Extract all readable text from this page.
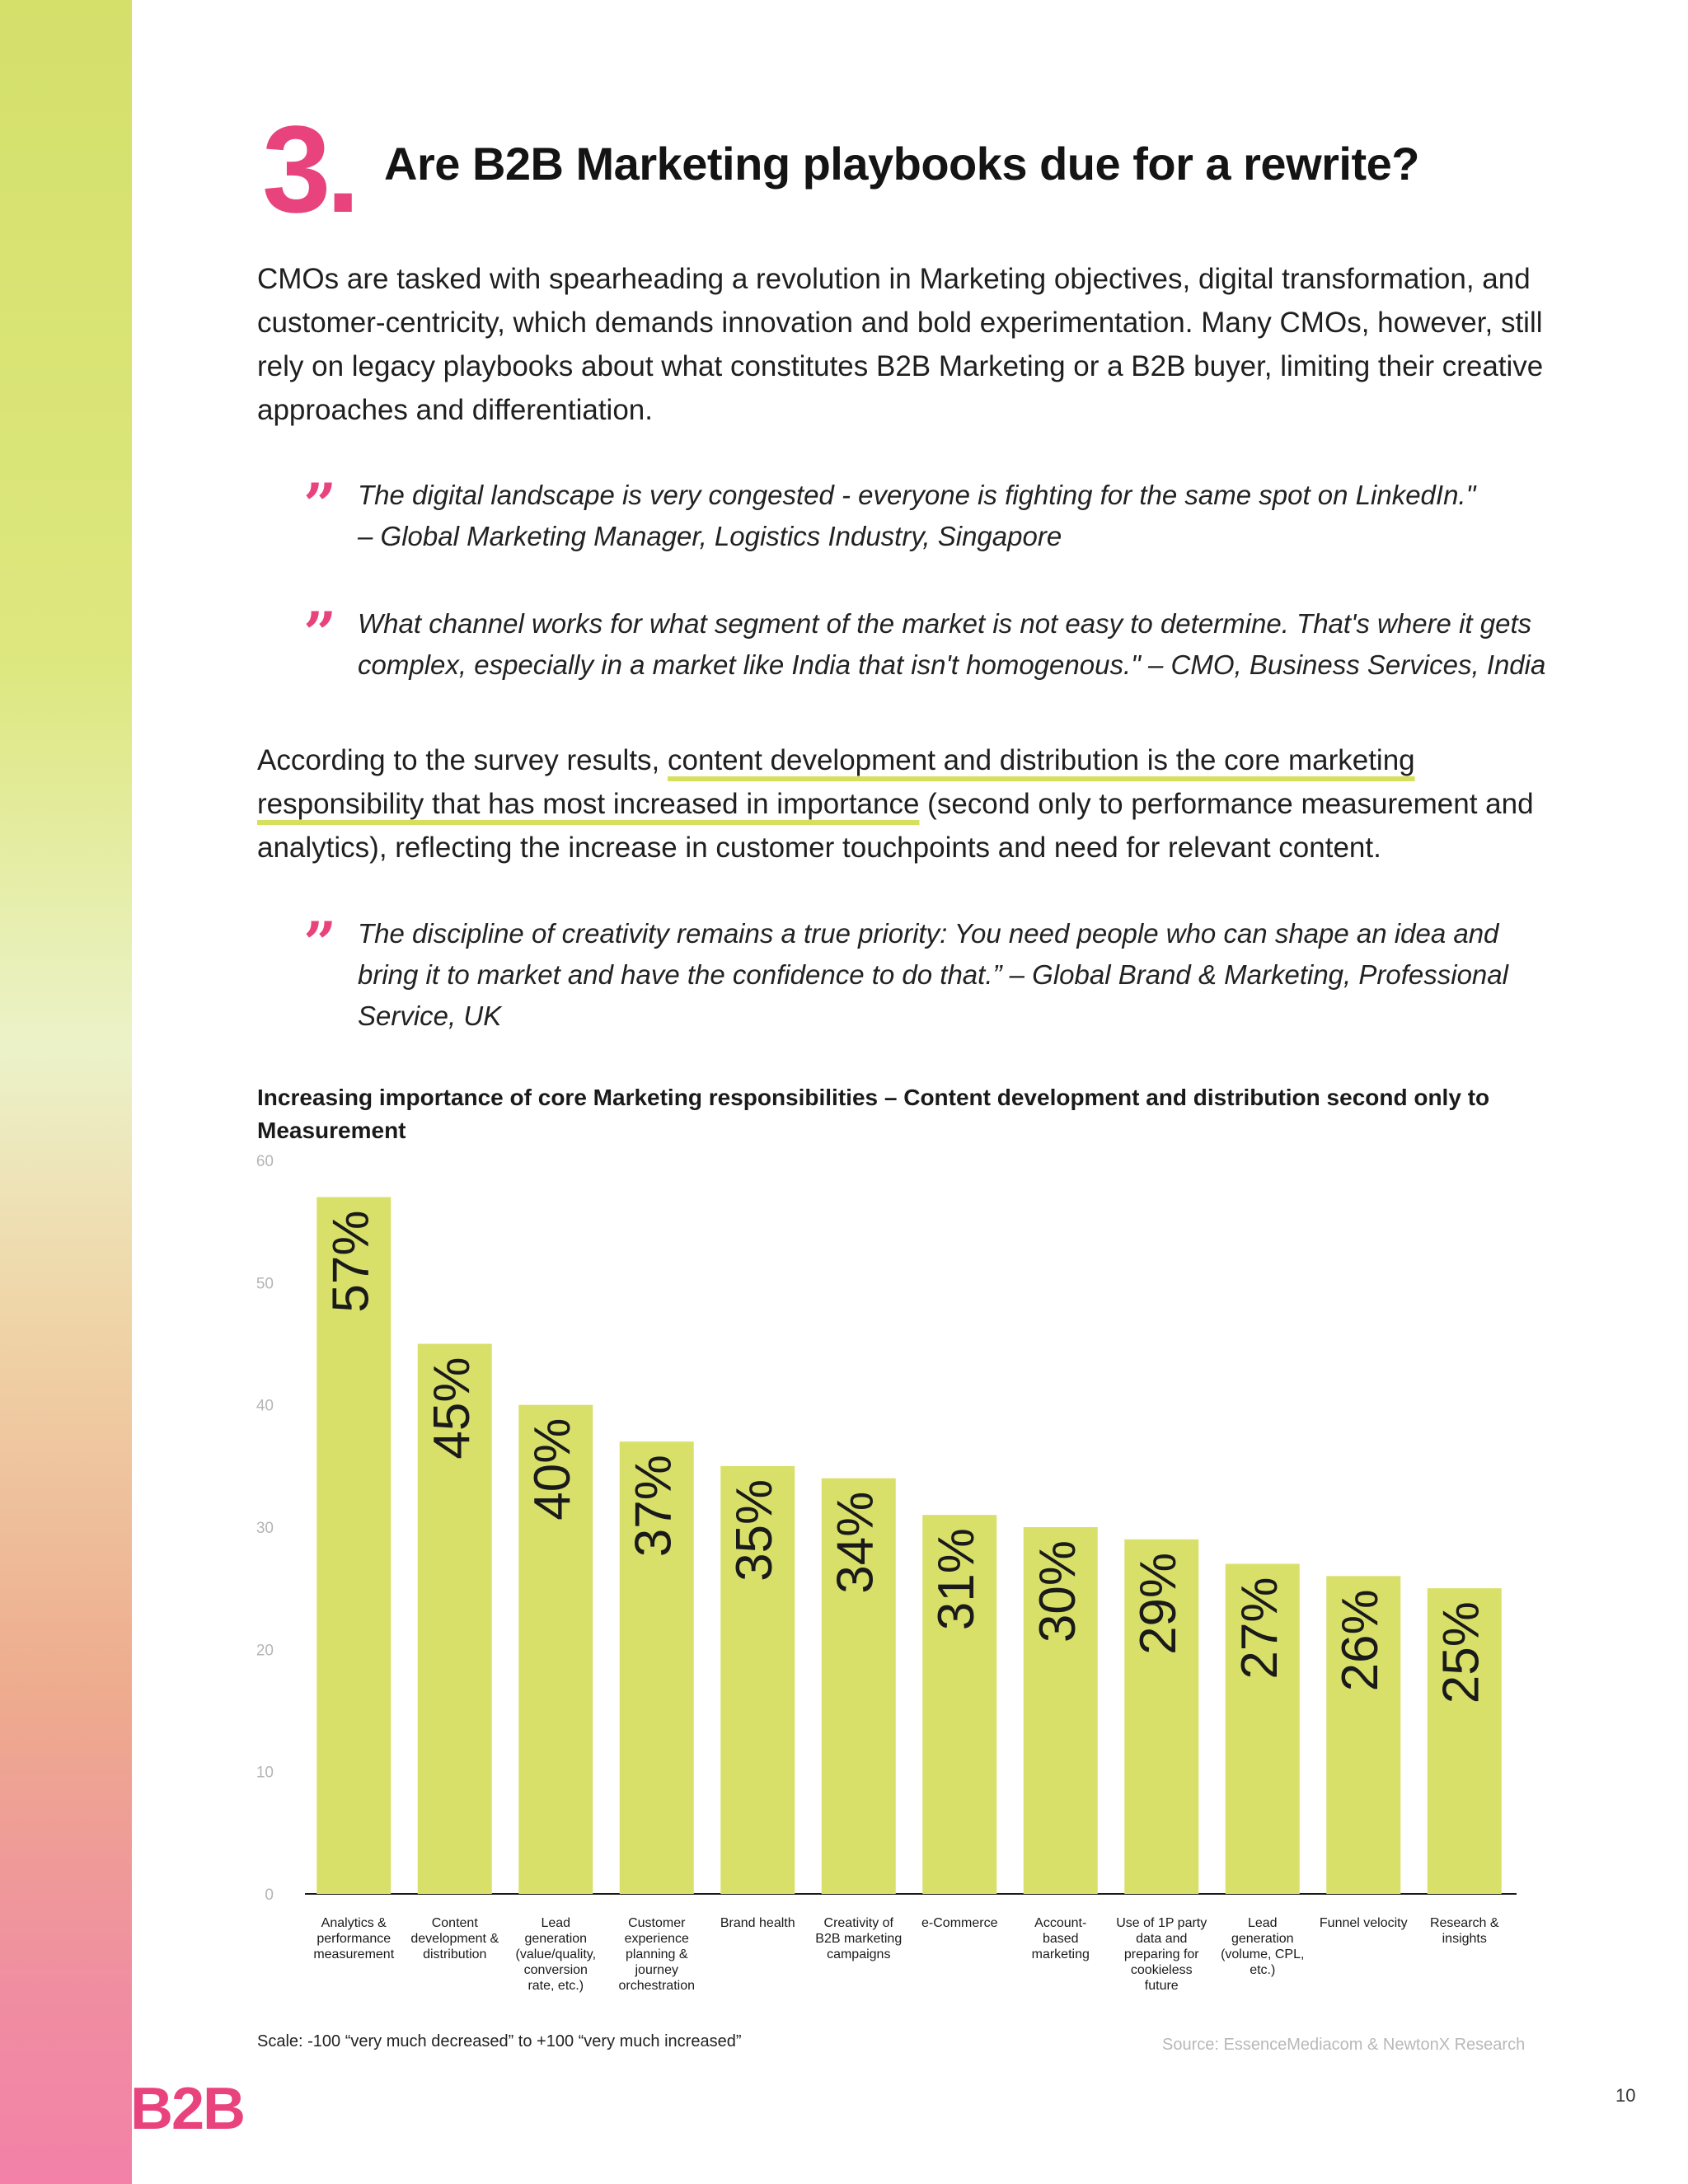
3. Are B2B Marketing playbooks due for a rewrite?
CMOs are tasked with spearheading a revolution in Marketing objectives, digital transformation, and customer-centricity, which demands innovation and bold experimentation. Many CMOs, however, still rely on legacy playbooks about what constitutes B2B Marketing or a B2B buyer, limiting their creative approaches and differentiation.
” The digital landscape is very congested - everyone is fighting for the same spot on LinkedIn."
– Global Marketing Manager, Logistics Industry, Singapore
” What channel works for what segment of the market is not easy to determine. That's where it gets
complex, especially in a market like India that isn't homogenous." – CMO, Business Services, India
According to the survey results, content development and distribution is the core marketing responsibility that has most increased in importance (second only to performance measurement and analytics), reflecting the increase in customer touchpoints and need for relevant content.
” The discipline of creativity remains a true priority: You need people who can shape an idea and
bring it to market and have the confidence to do that.” – Global Brand & Marketing, Professional
Service, UK
Increasing importance of core Marketing responsibilities – Content development and distribution second only to Measurement
0
10
20
30
40
50
60
57%
Analytics & performance measurement
45%
Content development & distribution
40%
Lead generation (value/quality, conversion rate, etc.)
37%
Customer experience planning & journey orchestration
35%
Brand health
34%
Creativity of B2B marketing campaigns
31%
e-Commerce
30%
Account-based marketing
29%
Use of 1P party data and preparing for cookieless future
27%
Lead generation (volume, CPL, etc.)
26%
Funnel velocity
25%
Research & insights
Scale: -100 “very much decreased” to +100 “very much increased”	Source: EssenceMediacom & NewtonX Research
B2B	10
